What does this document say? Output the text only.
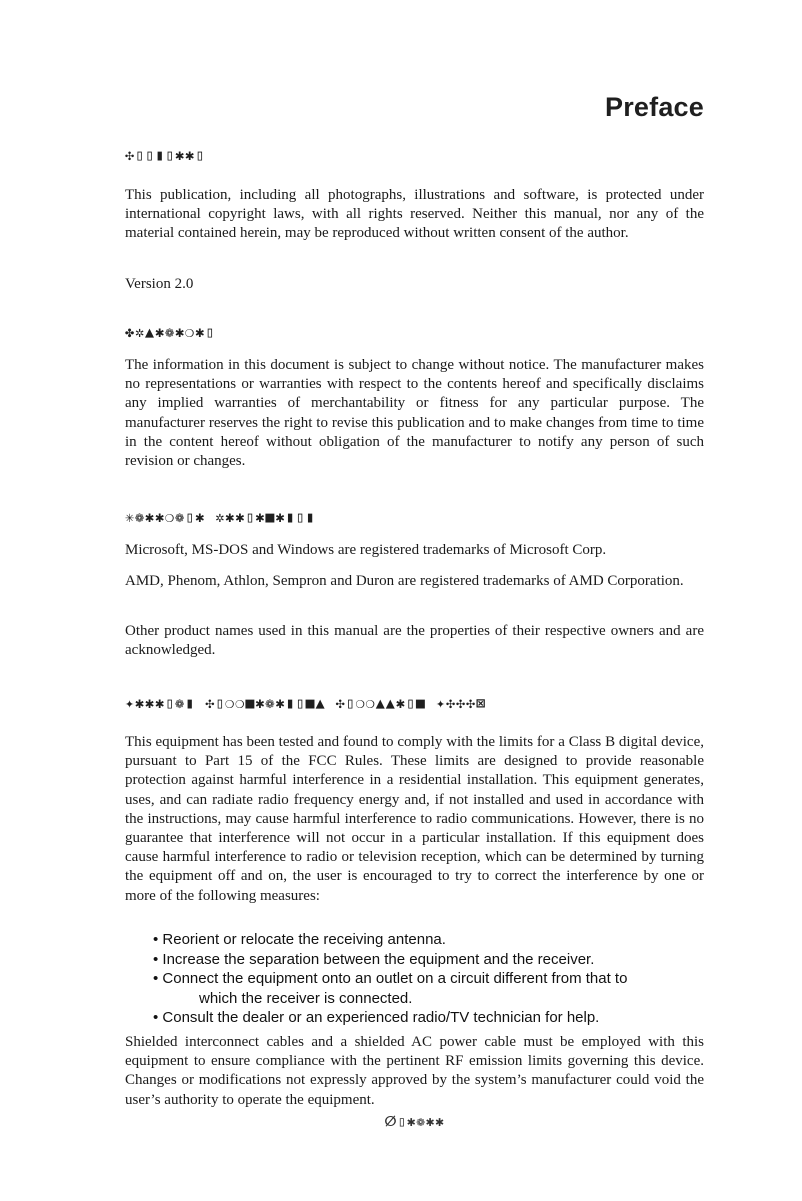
Preface
✣▯▯▮▯✱✱▯

This publication, including all photographs, illustrations and software, is protected under international copyright laws, with all rights reserved. Neither this manual, nor any of the material contained herein, may be reproduced without written consent of the author.

Version 2.0

✤✲▲✱❁✱❍✱▯

The information in this document is subject to change without notice. The manufacturer makes no representations or warranties with respect to the contents hereof and specifically disclaims any implied warranties of merchantability or fitness for any particular purpose. The manufacturer reserves the right to revise this publication and to make changes from time to time in the content hereof without obligation of the manufacturer to notify any person of such revision or changes.

✳❁✱✱❍❁▯✱ ✲✱✱▯✱■✱▮▯▮

Microsoft, MS-DOS and Windows are registered trademarks of Microsoft Corp.

AMD, Phenom, Athlon, Sempron and Duron are registered trademarks of AMD Corporation.

Other product names used in this manual are the properties of their respective owners and are acknowledged.

✦✱✱✱▯❁▮ ✣▯❍❍■✱❁✱▮▯■▲ ✣▯❍❍▲▲✱▯■ ✦✣✣✣⊠

This equipment has been tested and found to comply with the limits for a Class B digital device, pursuant to Part 15 of the FCC Rules. These limits are designed to provide reasonable protection against harmful interference in a residential installation. This equipment generates, uses, and can radiate radio frequency energy and, if not installed and used in accordance with the instructions, may cause harmful interference to radio communications. However, there is no guarantee that interference will not occur in a particular installation. If this equipment does cause harmful interference to radio or television reception, which can be determined by turning the equipment off and on, the user is encouraged to try to correct the interference by one or more of the following measures:

• Reorient or relocate the receiving antenna.
• Increase the separation between the equipment and the receiver.
• Connect the equipment onto an outlet on a circuit different from that to
which the receiver is connected.
• Consult the dealer or an experienced radio/TV technician for help.

Shielded interconnect cables and a shielded AC power cable must be employed with this equipment to ensure compliance with the pertinent RF emission limits governing this device. Changes or modifications not expressly approved by the system’s manufacturer could void the user’s authority to operate the equipment.

ⵁ▯✱❁✱✱
